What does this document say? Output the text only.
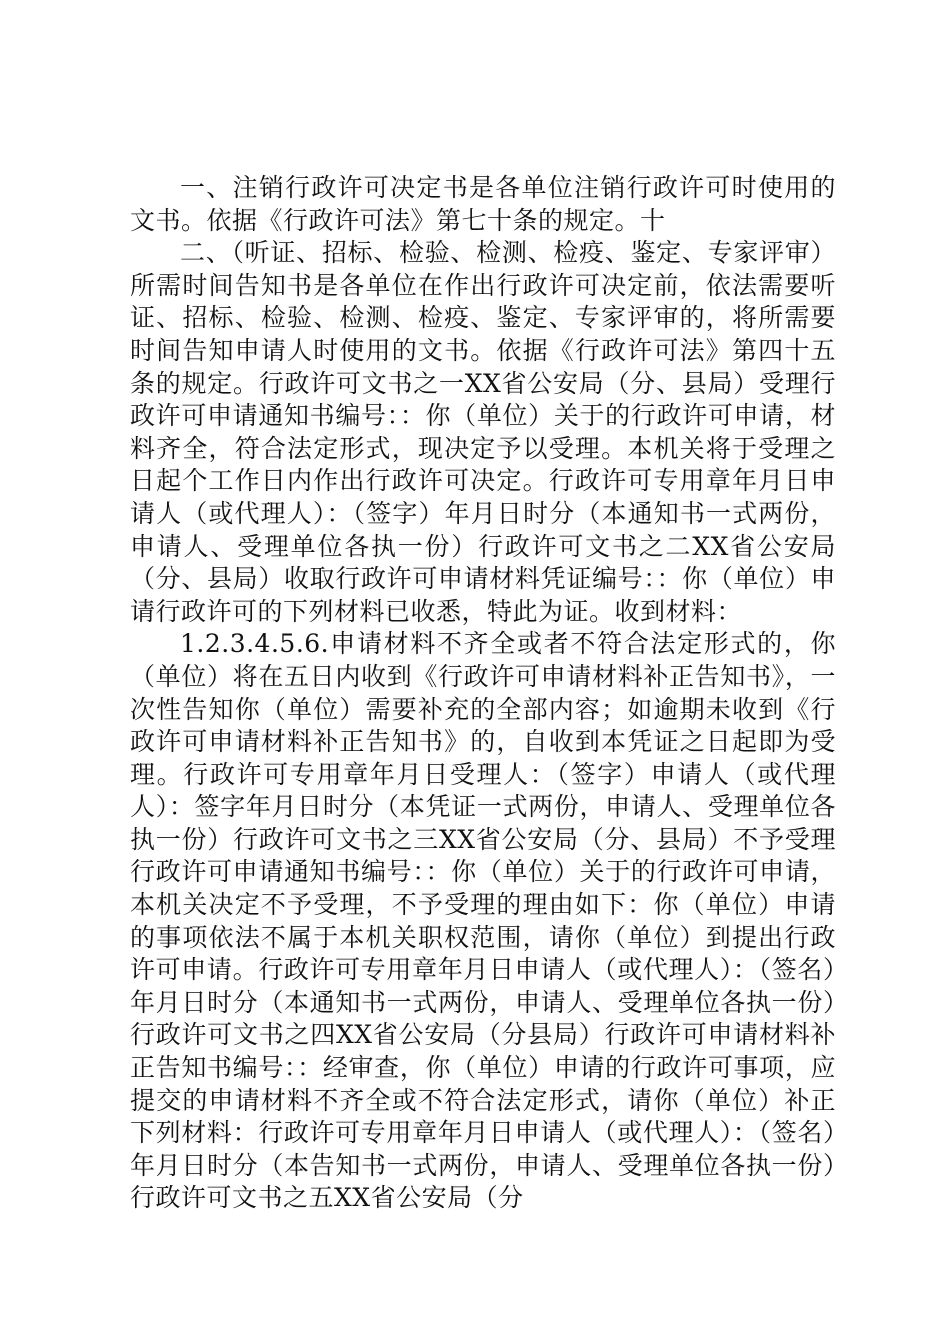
一、注销行政许可决定书是各单位注销行政许可时使用的文书。依据《行政许可法》第七十条的规定。十

二、（听证、招标、检验、检测、检疫、鉴定、专家评审）所需时间告知书是各单位在作出行政许可决定前，依法需要听证、招标、检验、检测、检疫、鉴定、专家评审的，将所需要时间告知申请人时使用的文书。依据《行政许可法》第四十五条的规定。行政许可文书之一XX省公安局（分、县局）受理行政许可申请通知书编号：：你（单位）关于的行政许可申请，材料齐全，符合法定形式，现决定予以受理。本机关将于受理之日起个工作日内作出行政许可决定。行政许可专用章年月日申请人（或代理人）：（签字）年月日时分（本通知书一式两份，申请人、受理单位各执一份）行政许可文书之二XX省公安局（分、县局）收取行政许可申请材料凭证编号：：你（单位）申请行政许可的下列材料已收悉，特此为证。收到材料：

1.2.3.4.5.6.申请材料不齐全或者不符合法定形式的，你（单位）将在五日内收到《行政许可申请材料补正告知书》，一次性告知你（单位）需要补充的全部内容；如逾期未收到《行政许可申请材料补正告知书》的，自收到本凭证之日起即为受理。行政许可专用章年月日受理人：（签字）申请人（或代理人）：签字年月日时分（本凭证一式两份，申请人、受理单位各执一份）行政许可文书之三XX省公安局（分、县局）不予受理行政许可申请通知书编号：：你（单位）关于的行政许可申请，本机关决定不予受理，不予受理的理由如下：你（单位）申请的事项依法不属于本机关职权范围，请你（单位）到提出行政许可申请。行政许可专用章年月日申请人（或代理人）：（签名）年月日时分（本通知书一式两份，申请人、受理单位各执一份）行政许可文书之四XX省公安局（分县局）行政许可申请材料补正告知书编号：：经审查，你（单位）申请的行政许可事项，应提交的申请材料不齐全或不符合法定形式，请你（单位）补正下列材料：行政许可专用章年月日申请人（或代理人）：（签名）年月日时分（本告知书一式两份，申请人、受理单位各执一份）行政许可文书之五XX省公安局（分
